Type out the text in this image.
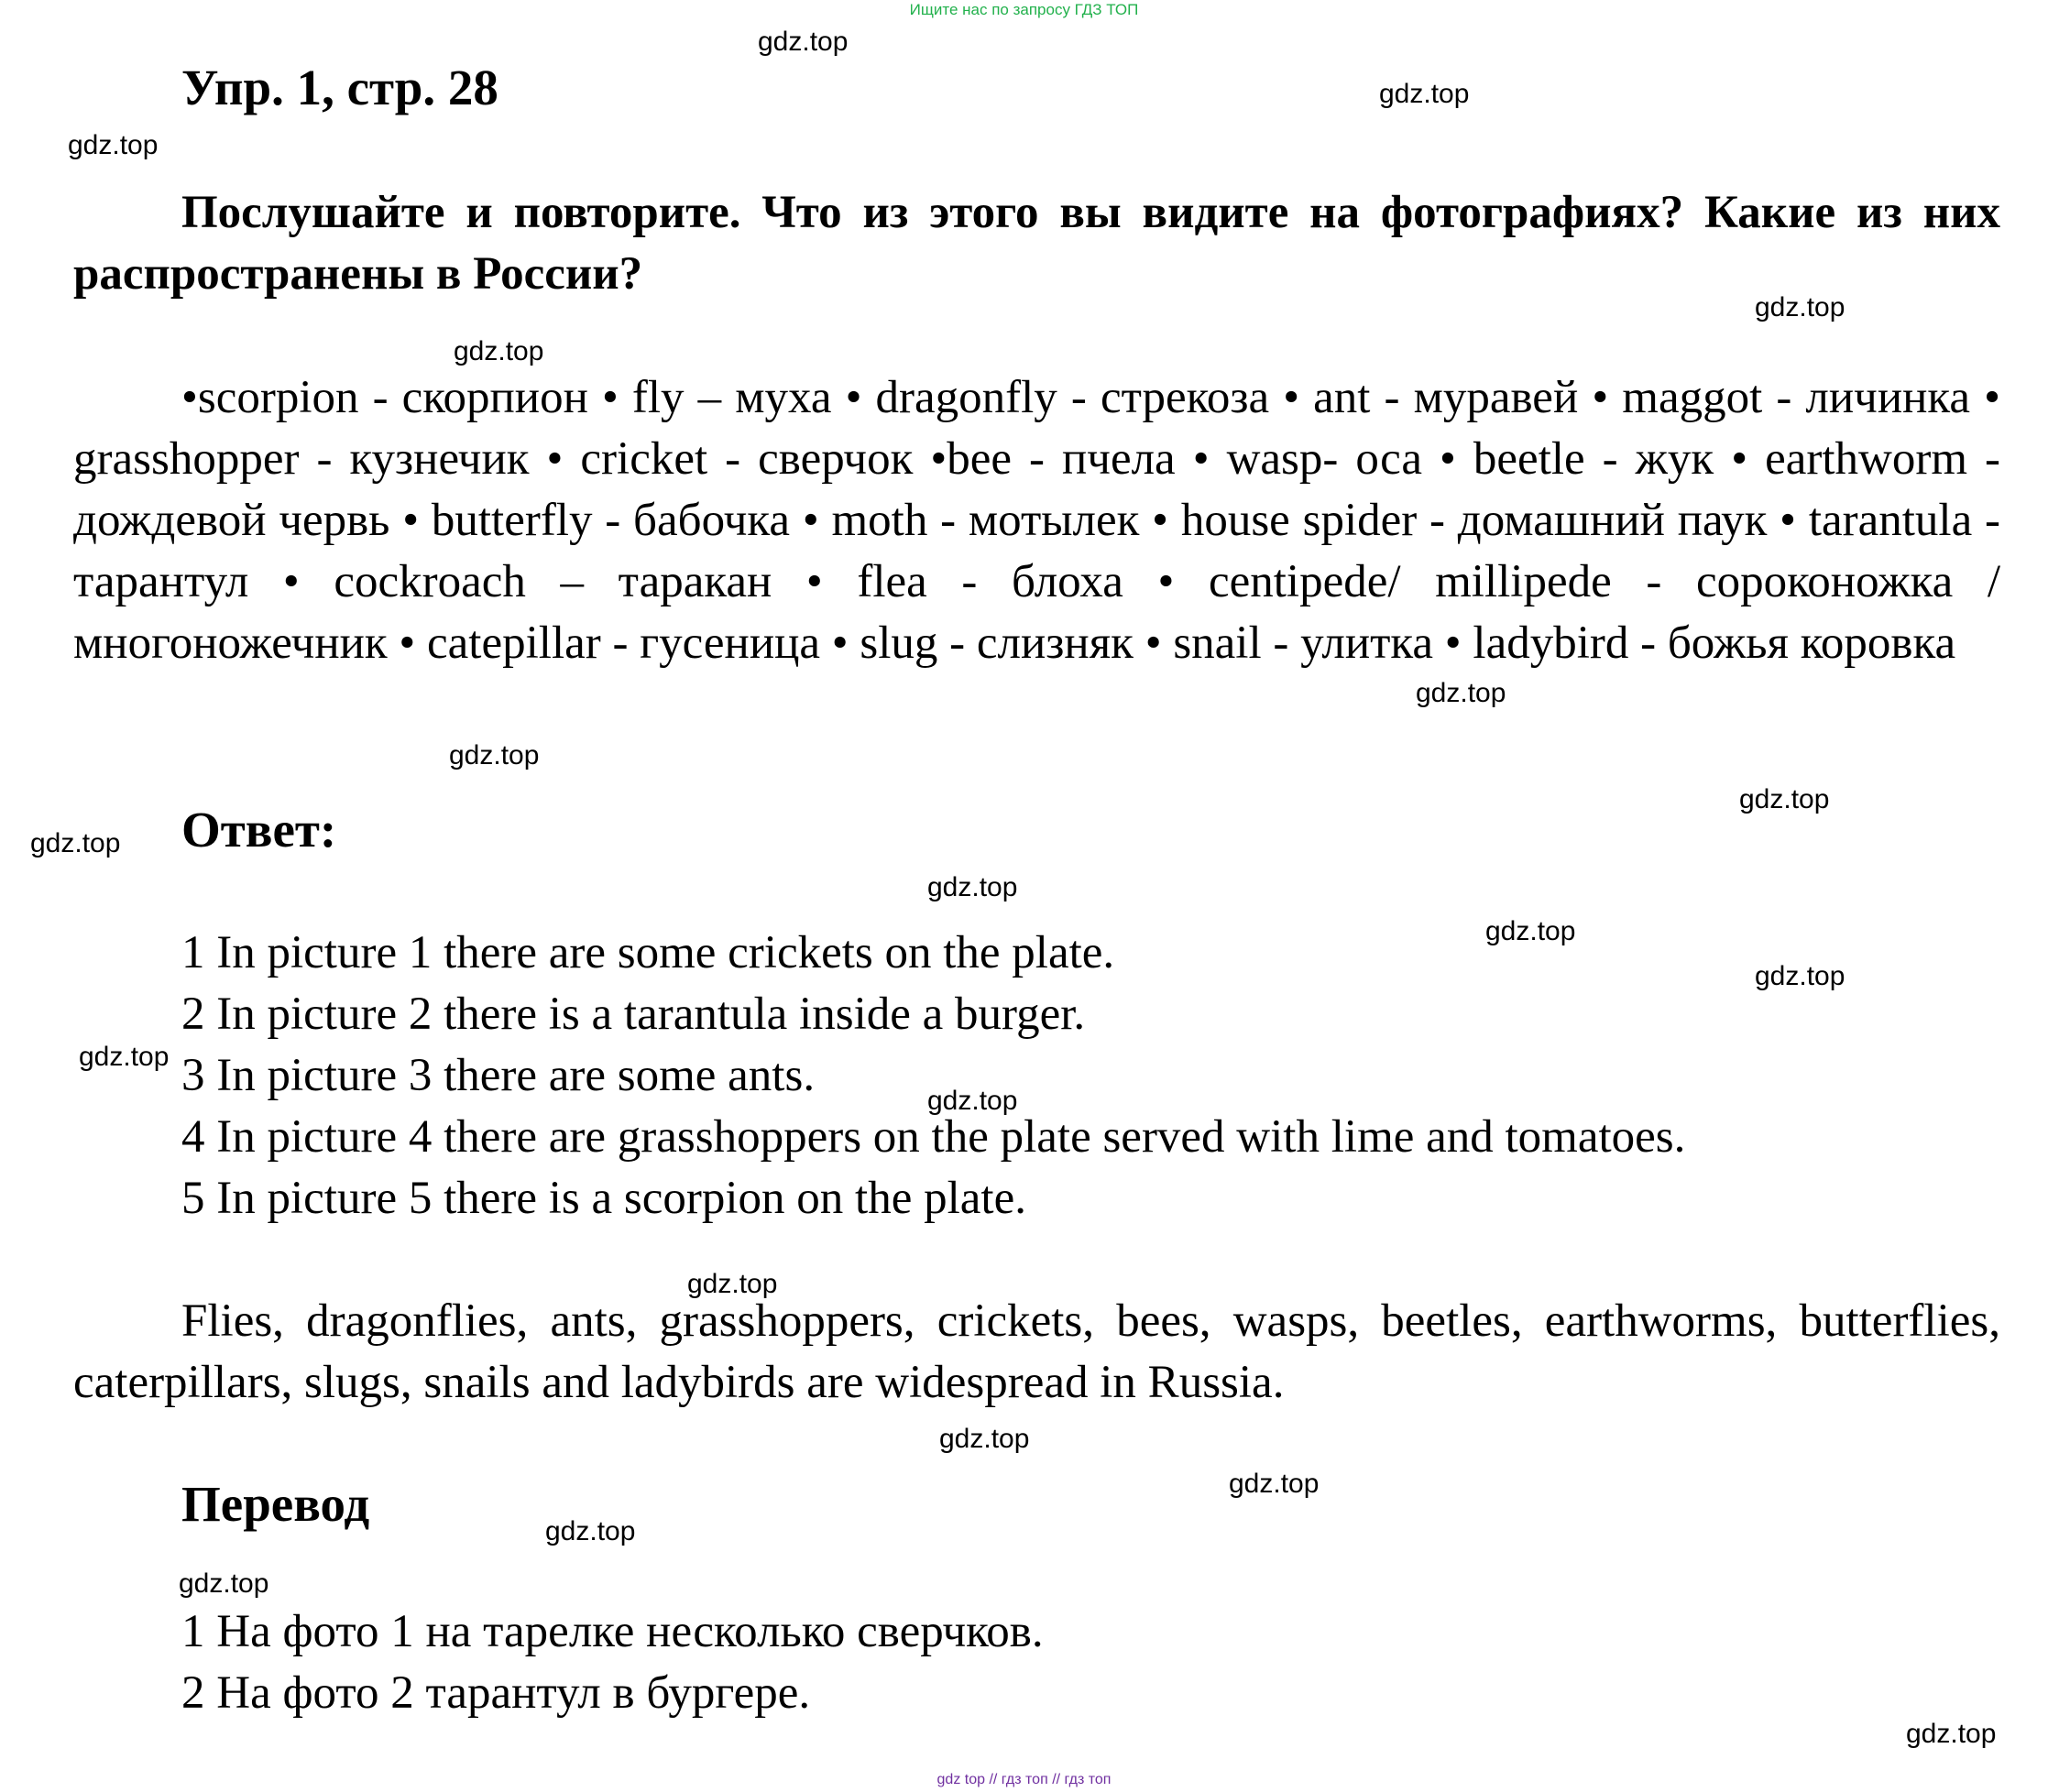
Ищите нас по запросу ГДЗ ТОП
gdz top // гдз топ // гдз топ
gdz.top
gdz.top
gdz.top
gdz.top
gdz.top
gdz.top
gdz.top
gdz.top
gdz.top
gdz.top
gdz.top
gdz.top
gdz.top
gdz.top
gdz.top
gdz.top
gdz.top
gdz.top
gdz.top
gdz.top
Упр. 1, стр. 28
Послушайте и повторите. Что из этого вы видите на фотографиях? Какие из них распространены в России?
•scorpion - скорпион • fly – муха • dragonfly - стрекоза • ant - муравей • maggot - личинка • grasshopper - кузнечик • cricket - сверчок •bee - пчела • wasp- оса • beetle - жук • earthworm - дождевой червь • butterfly - бабочка • moth - мотылек • house spider - домашний паук • tarantula - тарантул • cockroach – таракан • flea - блоха • centipede/ millipede - сороконожка / многоножечник • catepillar - гусеница • slug - слизняк • snail - улитка • ladybird - божья коровка
Ответ:
1 In picture 1 there are some crickets on the plate.
2 In picture 2 there is a tarantula inside a burger.
3 In picture 3 there are some ants.
4 In picture 4 there are grasshoppers on the plate served with lime and tomatoes.
5 In picture 5 there is a scorpion on the plate.
Flies, dragonflies, ants, grasshoppers, crickets, bees, wasps, beetles, earthworms, butterflies, caterpillars, slugs, snails and ladybirds are widespread in Russia.
Перевод
1 На фото 1 на тарелке несколько сверчков.
2 На фото 2 тарантул в бургере.
